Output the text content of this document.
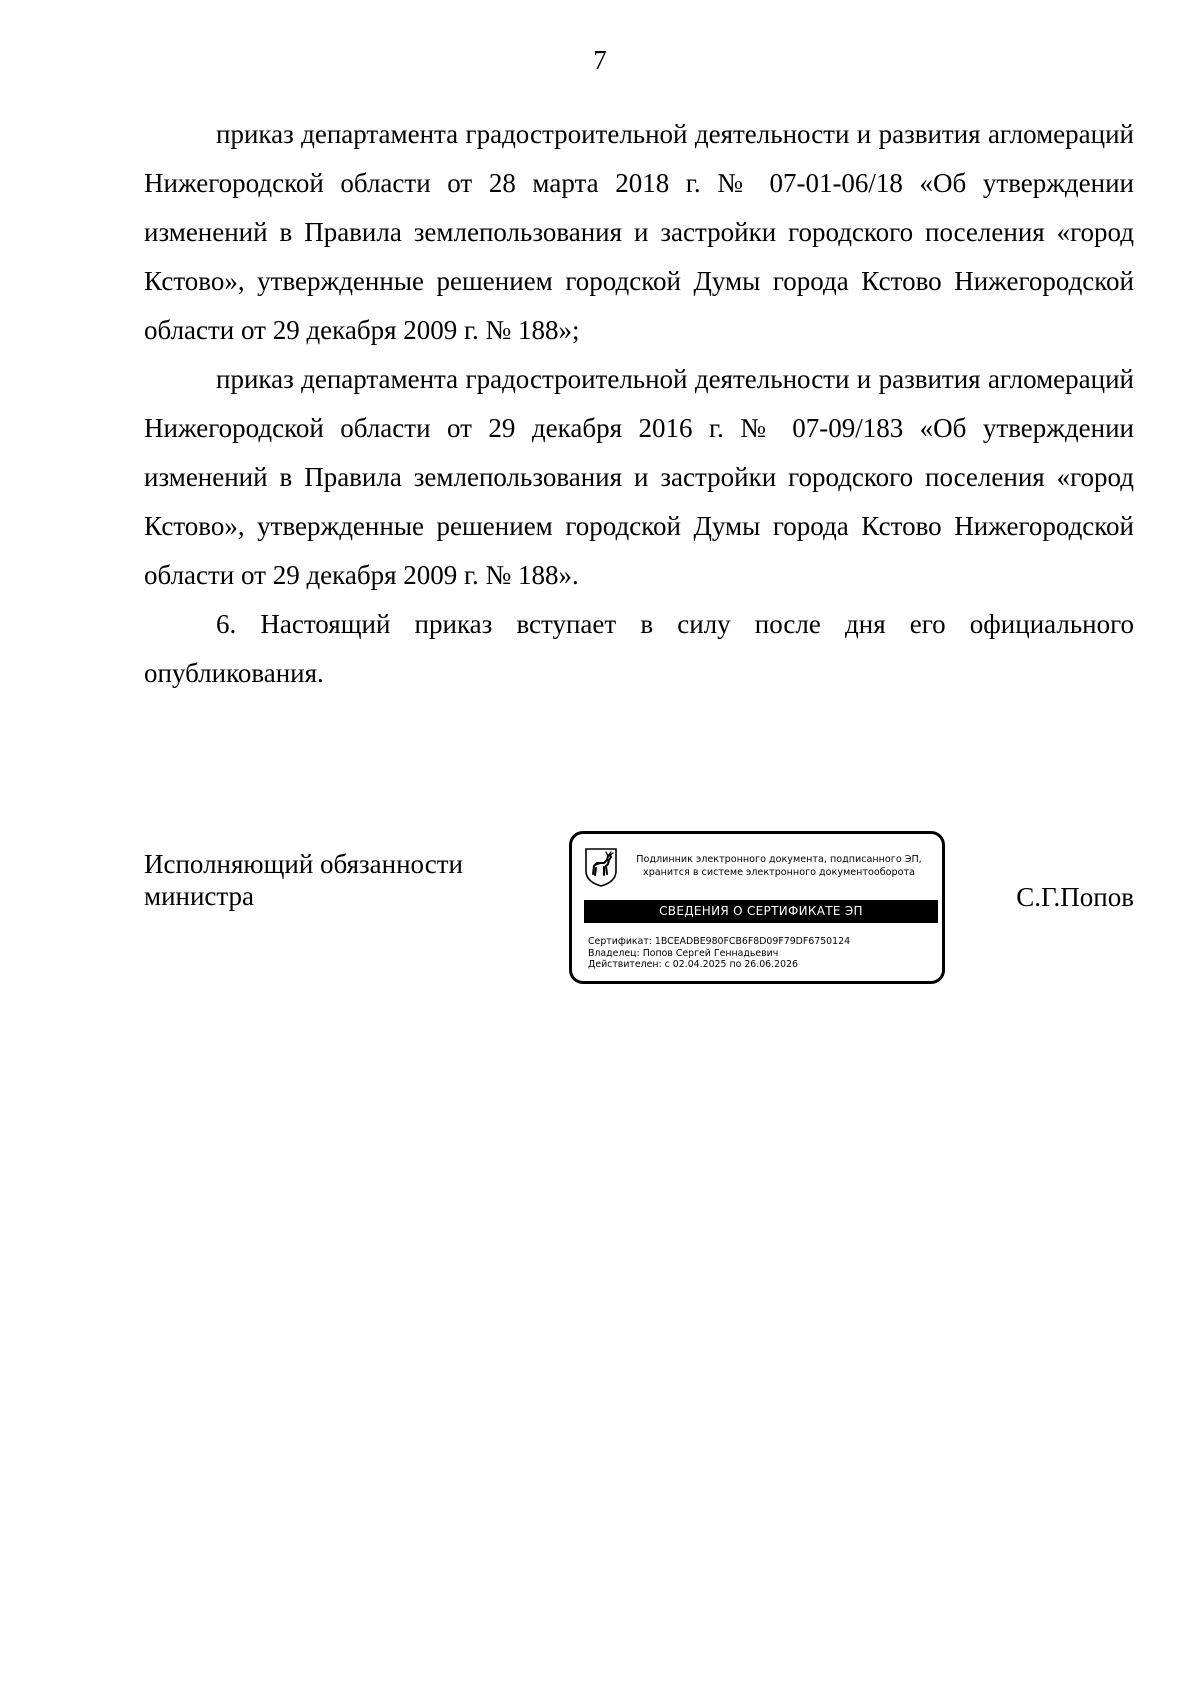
7

приказ департамента градостроительной деятельности и развития агломераций Нижегородской области от 28 марта 2018 г. № 07-01-06/18 «Об утверждении изменений в Правила землепользования и застройки городского поселения «город Кстово», утвержденные решением городской Думы города Кстово Нижегородской области от 29 декабря 2009 г. № 188»;

приказ департамента градостроительной деятельности и развития агломераций Нижегородской области от 29 декабря 2016 г. № 07-09/183 «Об утверждении изменений в Правила землепользования и застройки городского поселения «город Кстово», утвержденные решением городской Думы города Кстово Нижегородской области от 29 декабря 2009 г. № 188».

6. Настоящий приказ вступает в силу после дня его официального опубликования.

Исполняющий обязанности
министра
Подлинник электронного документа, подписанного ЭП,
хранится в системе электронного документооборота
СВЕДЕНИЯ О СЕРТИФИКАТЕ ЭП
Сертификат: 1BCEADBE980FCB6F8D09F79DF6750124
Владелец: Попов Сергей Геннадьевич
Действителен: с 02.04.2025 по 26.06.2026
С.Г.Попов
